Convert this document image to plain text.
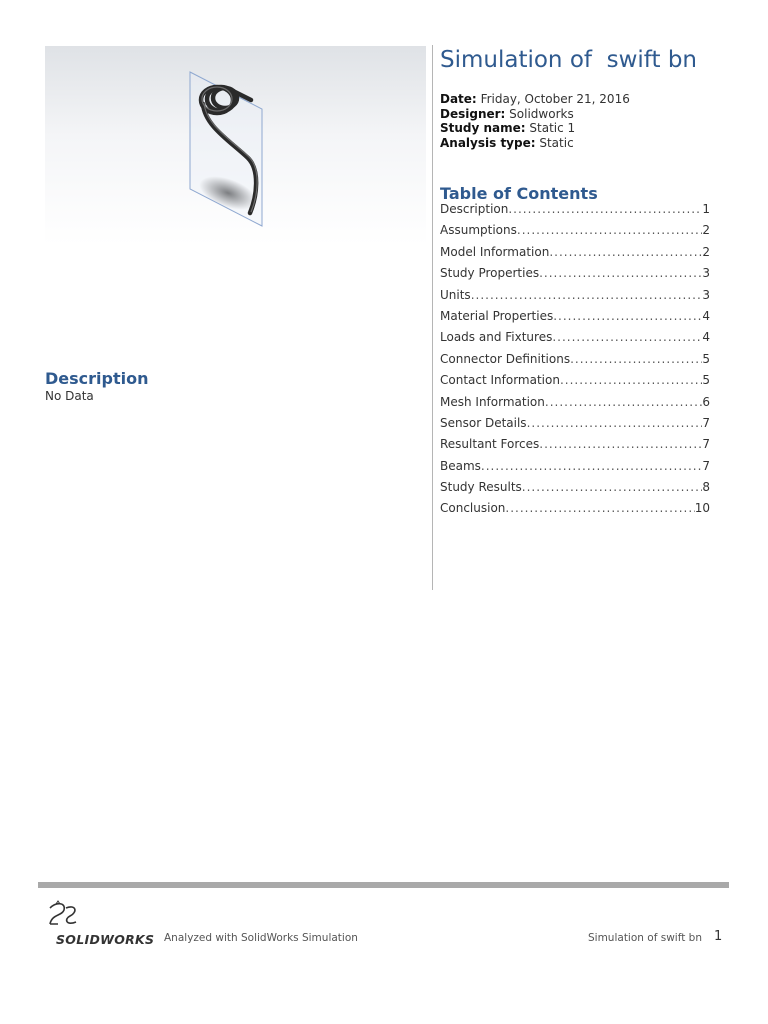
Description
No Data
Simulation of  swift bn
Date: Friday, October 21, 2016
Designer: Solidworks
Study name: Static 1
Analysis type: Static
Table of Contents
Description .....	1
Assumptions .....	2
Model Information .....	2
Study Properties .....	3
Units .....	3
Material Properties .....	4
Loads and Fixtures .....	4
Connector Definitions .....	5
Contact Information .....	5
Mesh Information .....	6
Sensor Details .....	7
Resultant Forces .....	7
Beams .....	7
Study Results .....	8
Conclusion .....	10
SOLIDWORKS Analyzed with SolidWorks Simulation	Simulation of swift bn 1
